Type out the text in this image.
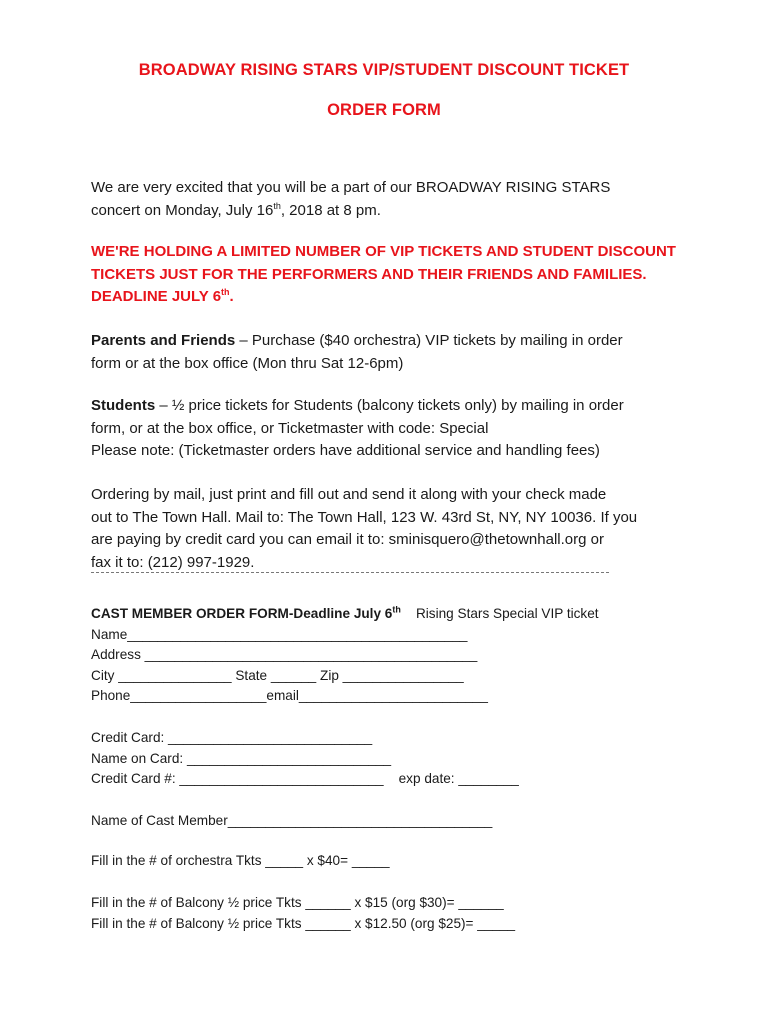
BROADWAY RISING STARS VIP/STUDENT DISCOUNT TICKET
ORDER FORM
We are very excited that you will be a part of our BROADWAY RISING STARS
concert on Monday, July 16th, 2018 at 8 pm.
WE'RE HOLDING A LIMITED NUMBER OF VIP TICKETS AND STUDENT DISCOUNT
TICKETS JUST FOR THE PERFORMERS AND THEIR FRIENDS AND FAMILIES.
DEADLINE JULY 6th.
Parents and Friends – Purchase ($40 orchestra) VIP tickets by mailing in order
form or at the box office (Mon thru Sat 12-6pm)
Students – ½ price tickets for Students (balcony tickets only) by mailing in order
form, or at the box office, or Ticketmaster with code: Special
Please note: (Ticketmaster orders have additional service and handling fees)
Ordering by mail, just print and fill out and send it along with your check made
out to The Town Hall. Mail to: The Town Hall, 123 W. 43rd St, NY, NY 10036. If you
are paying by credit card you can email it to: sminisquero@thetownhall.org or
fax it to: (212) 997-1929.
CAST MEMBER ORDER FORM-Deadline July 6th    Rising Stars Special VIP ticket
Name_____________________________________________
Address ____________________________________________
City _______________ State ______ Zip ________________
Phone__________________email_________________________
Credit Card: ___________________________
Name on Card: ___________________________
Credit Card #: ___________________________    exp date: ________
Name of Cast Member___________________________________
Fill in the # of orchestra Tkts _____ x $40= _____
Fill in the # of Balcony ½ price Tkts ______ x $15 (org $30)= ______
Fill in the # of Balcony ½ price Tkts ______ x $12.50 (org $25)= _____
